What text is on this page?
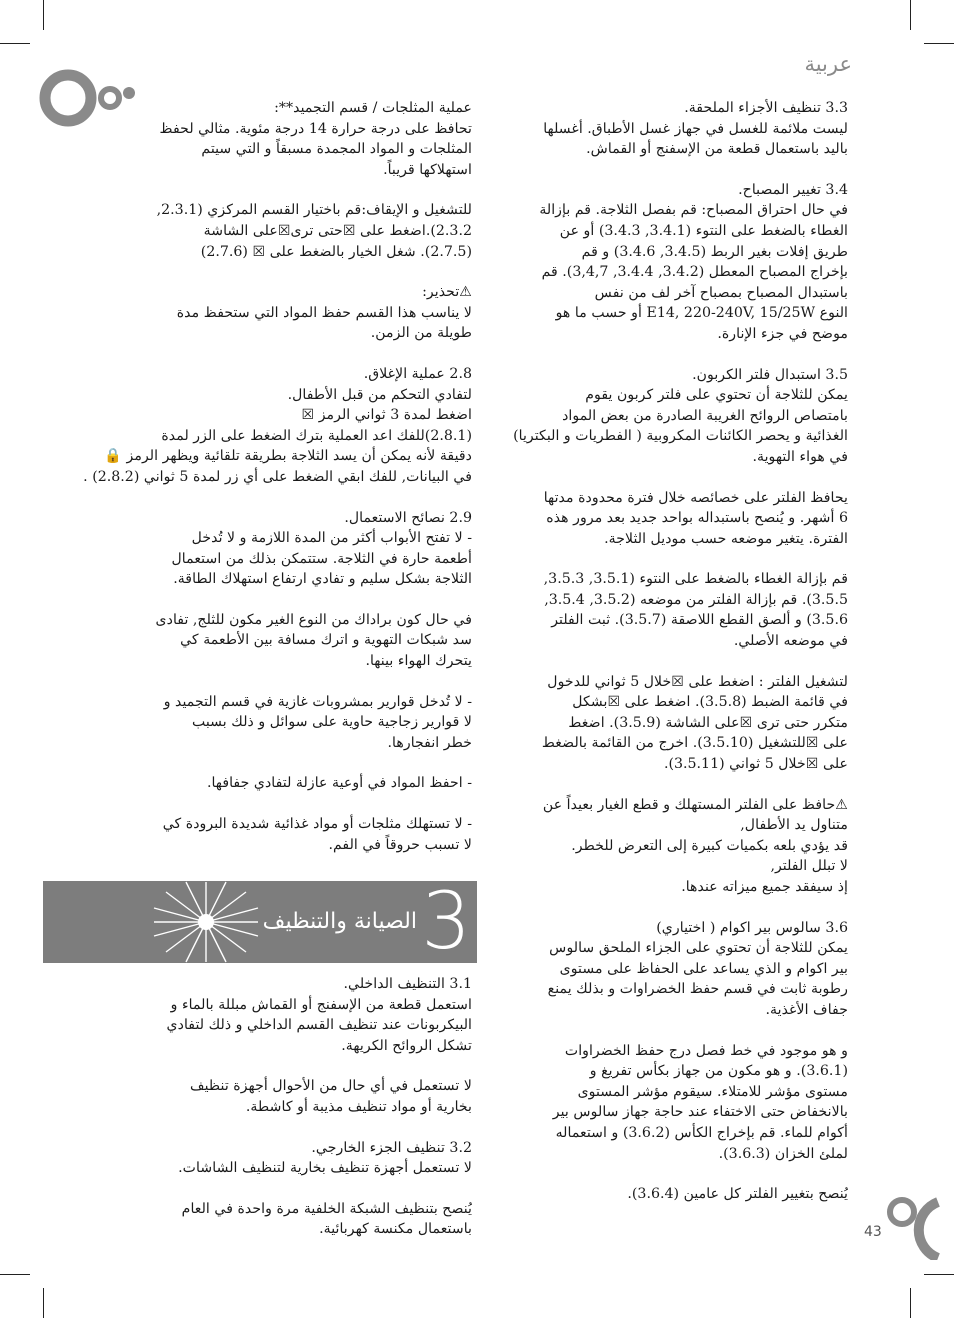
عربية

3.3 تنظيف الأجزاء الملحقة.

ليست ملائمة للغسل في جهاز غسل الأطباق. أغسلها

باليد باستعمال قطعة من الإسفنج أو القماش.

3.4 تغيير المصباح.

في حال احتراق المصباح: قم بفصل الثلاجة. قم بإزالة

الغطاء بالضغط على النتوء (3.4.1, 3.4.3) أو عن

طريق إفلات بغير الربط (3.4.5, 3.4.6) و قم

بإخراج المصباح المعطل (3.4.2, 3.4.4, 3,4,7). قم

باستبدال المصباح بمصباح آخر لف من نفس

النوع E14, 220-240V, 15/25W أو حسب ما هو

موضح في جزء الإنارة.

3.5 استبدال فلتر الكربون.

يمكن للثلاجة أن تحتوي على فلتر كربون يقوم

بامتصاص الروائح الغريبة الصادرة من بعض المواد

الغذائية و يحصر الكائنات المكروبية ( الفطريات و البكتريا)

في هواء التهوية.

يحافظ الفلتر على خصائصه خلال فترة محدودة مدتها

6 أشهر. و يُنصح باستبداله بواحد جديد بعد مرور هذه

الفترة. يتغير موضعه حسب موديل الثلاجة.

قم بإزالة الغطاء بالضغط على النتوء (3.5.1, 3.5.3,

3.5.5). قم بإزالة الفلتر من موضعه (3.5.2, 3.5.4,

3.5.6) و ألصق القطع اللاصقة (3.5.7). ثبت الفلتر

في موضعه الأصلي.

لتشغيل الفلتر : اضغط على ☒خلال 5 ثواني للدخول

في قائمة الضبط (3.5.8). اضغط على ☒بشكل

متكرر حتى ترى ☒على الشاشة (3.5.9). اضغط

على ☒للتشغيل (3.5.10). اخرج من القائمة بالضغط

على ☒خلال 5 ثواني (3.5.11).

⚠حافظ على الفلتر المستهلك و قطع الغيار بعيداً عن

متناول يد الأطفال,

قد يؤدي بلعه بكميات كبيرة إلى التعرض للخطر.

لا تبلل الفلتر,

إذ سيفقد جميع ميزاته عندها.

3.6 سالوس بير اكوام ( اختياري)

يمكن للثلاجة أن تحتوي على الجزاء الملحق سالوس

بير اكوام و الذي يساعد على الحفاظ على مستوى

رطوبة ثابت في قسم حفظ الخضراوات و بذلك يمنع

جفاف الأغذية.

و هو موجود في خط فصل درج حفظ الخضراوات

(3.6.1). و هو مكون من جهاز بكأس تفريغ و

مستوى مؤشر للامتلاء. سيقوم مؤشر المستوى

بالانخفاض حتى الاختفاء عند حاجة جهاز سالوس بير

أكوام للماء. قم بإخراج الكأس (3.6.2) و استعماله

لملئ الخزان (3.6.3).

يُنصح بتغيير الفلتر كل عامين (3.6.4).

عملية المثلجات / قسم التجميد**:

تحافظ على درجة حرارة 14 درجة مئوية. مثالي لحفظ

المثلجات و المواد المجمدة مسبقاً و التي سيتم

استهلاكها قريباً.

للتشغيل و الإيقاف:قم باختيار القسم المركزي (2.3.1,

2.3.2).اضغط على ☒حتى ترى☒على الشاشة

(2.7.5). شغل الخيار بالضغط على ☒ (2.7.6)

⚠تحذير:

لا يناسب هذا القسم حفظ المواد التي ستحفظ مدة

طويلة من الزمن.

2.8 عملية الإغلاق.

لتفادي التحكم من قبل الأطفال.

اضغط لمدة 3 ثواني الرمز ☒

(2.8.1)للفك اعد العملية بترك الضغط على الزر لمدة

دقيقة لأنه يمكن أن يسد الثلاجة بطريقة تلقائية ويظهر الرمز 🔒

في البيانات, للفك ابقي الضغط على أي زر لمدة 5 ثواني (2.8.2) .

2.9 نصائح الاستعمال.

- لا تفتح الأبواب أكثر من المدة اللازمة و لا تُدخل

أطعمة حارة في الثلاجة. ستتمكن بذلك من استعمال

الثلاجة بشكل سليم و تفادي ارتفاع استهلاك الطاقة.

في حال كون براداك من النوع الغير مكون للثلج, تفادى

سد شبكات التهوية و اترك مسافة بين الأطعمة كي

يتحرك الهواء بينها.

- لا تُدخل قوارير بمشروبات غازية في قسم التجميد و

لا قوارير زجاجية حاوية على سوائل و ذلك بسبب

خطر انفجارها.

- احفظ المواد في أوعية عازلة لتفادي جفافها.

- لا تستهلك مثلجات أو مواد غذائية شديدة البرودة كي

لا تسبب حروقاً في الفم.

الصيانة والتنظيف 3

3.1 التنظيف الداخلي.

استعمل قطعة من الإسفنج أو القماش مبللة بالماء و

البيكربونات عند تنظيف القسم الداخلي و ذلك لتفادي

تشكل الروائح الكريهة.

لا تستعمل في أي حال من الأحوال أجهزة تنظيف

بخارية أو مواد تنظيف مذيبة أو كاشطة.

3.2 تنظيف الجزء الخارجي.

لا تستعمل أجهزة تنظيف بخارية لتنظيف الشاشات.

يُنصح بتنظيف الشبكة الخلفية مرة واحدة في العام

باستعمال مكنسة كهربائية.	43
